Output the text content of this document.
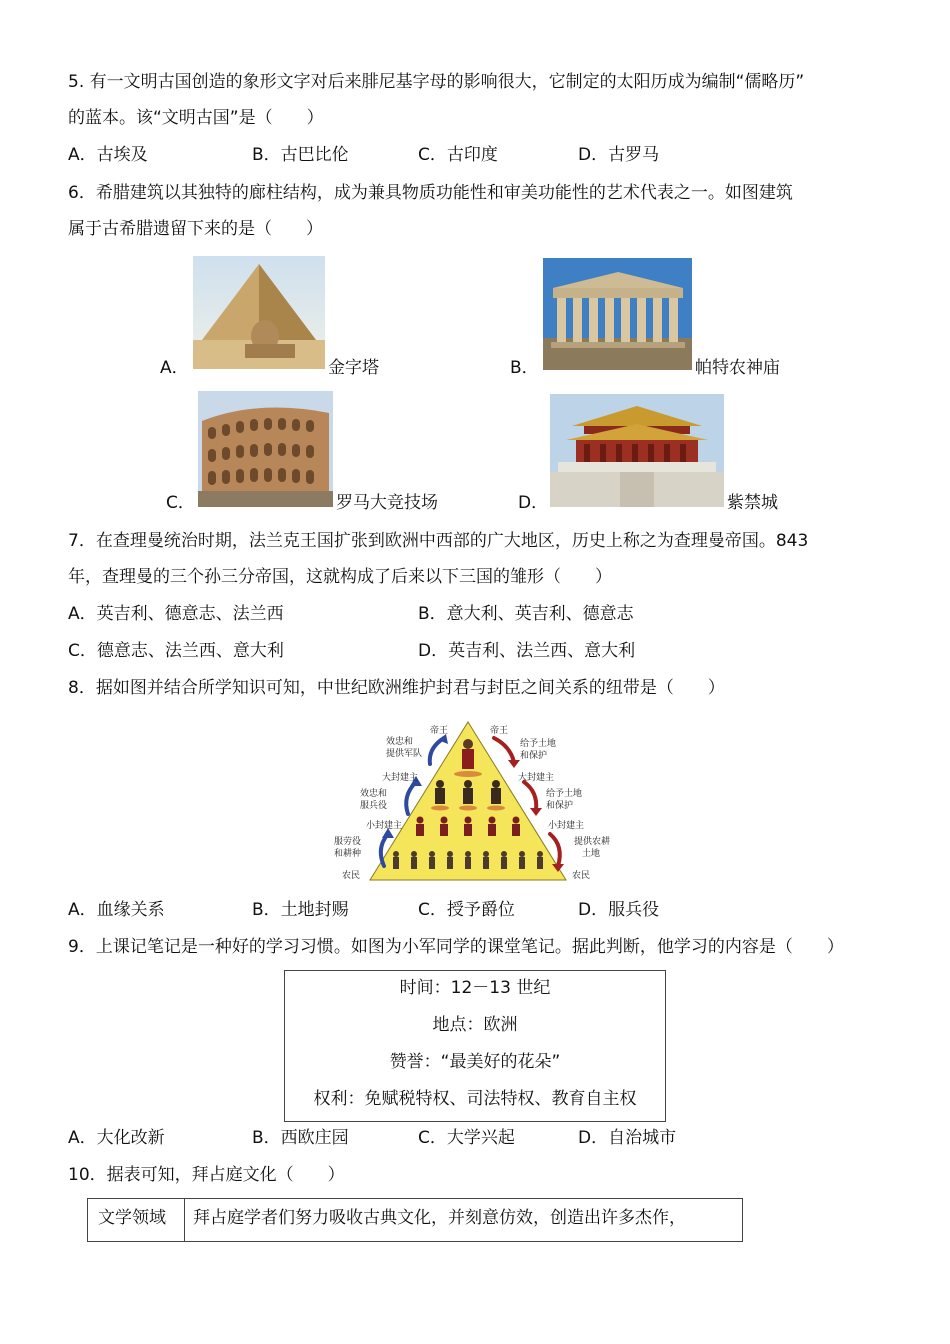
5. 有一文明古国创造的象形文字对后来腓尼基字母的影响很大，它制定的太阳历成为编制“儒略历”
的蓝本。该“文明古国”是（　　）
A．古埃及	B．古巴比伦	C．古印度	D．古罗马
6．希腊建筑以其独特的廊柱结构，成为兼具物质功能性和审美功能性的艺术代表之一。如图建筑
属于古希腊遗留下来的是（　　）
A．	金字塔	B．	帕特农神庙
C．	罗马大竞技场	D．	紫禁城
7．在查理曼统治时期，法兰克王国扩张到欧洲中西部的广大地区，历史上称之为查理曼帝国。843
年，查理曼的三个孙三分帝国，这就构成了后来以下三国的雏形（　　）
A．英吉利、德意志、法兰西	B．意大利、英吉利、德意志
C．德意志、法兰西、意大利	D．英吉利、法兰西、意大利
8．据如图并结合所学知识可知，中世纪欧洲维护封君与封臣之间关系的纽带是（　　）
帝王	帝王
效忠和
提供军队
大封建主
效忠和
服兵役
小封建主
服劳役
和耕种
农民
给予土地
和保护
大封建主
给予土地
和保护
小封建主
提供农耕
土地
农民
A．血缘关系	B．土地封赐	C．授予爵位	D．服兵役
9．上课记笔记是一种好的学习习惯。如图为小军同学的课堂笔记。据此判断，他学习的内容是（　　）
时间：12－13 世纪
地点：欧洲
赞誉：“最美好的花朵”
权利：免赋税特权、司法特权、教育自主权
A．大化改新	B．西欧庄园	C．大学兴起	D．自治城市
10．据表可知，拜占庭文化（　　）
文学领域	拜占庭学者们努力吸收古典文化，并刻意仿效，创造出许多杰作，
